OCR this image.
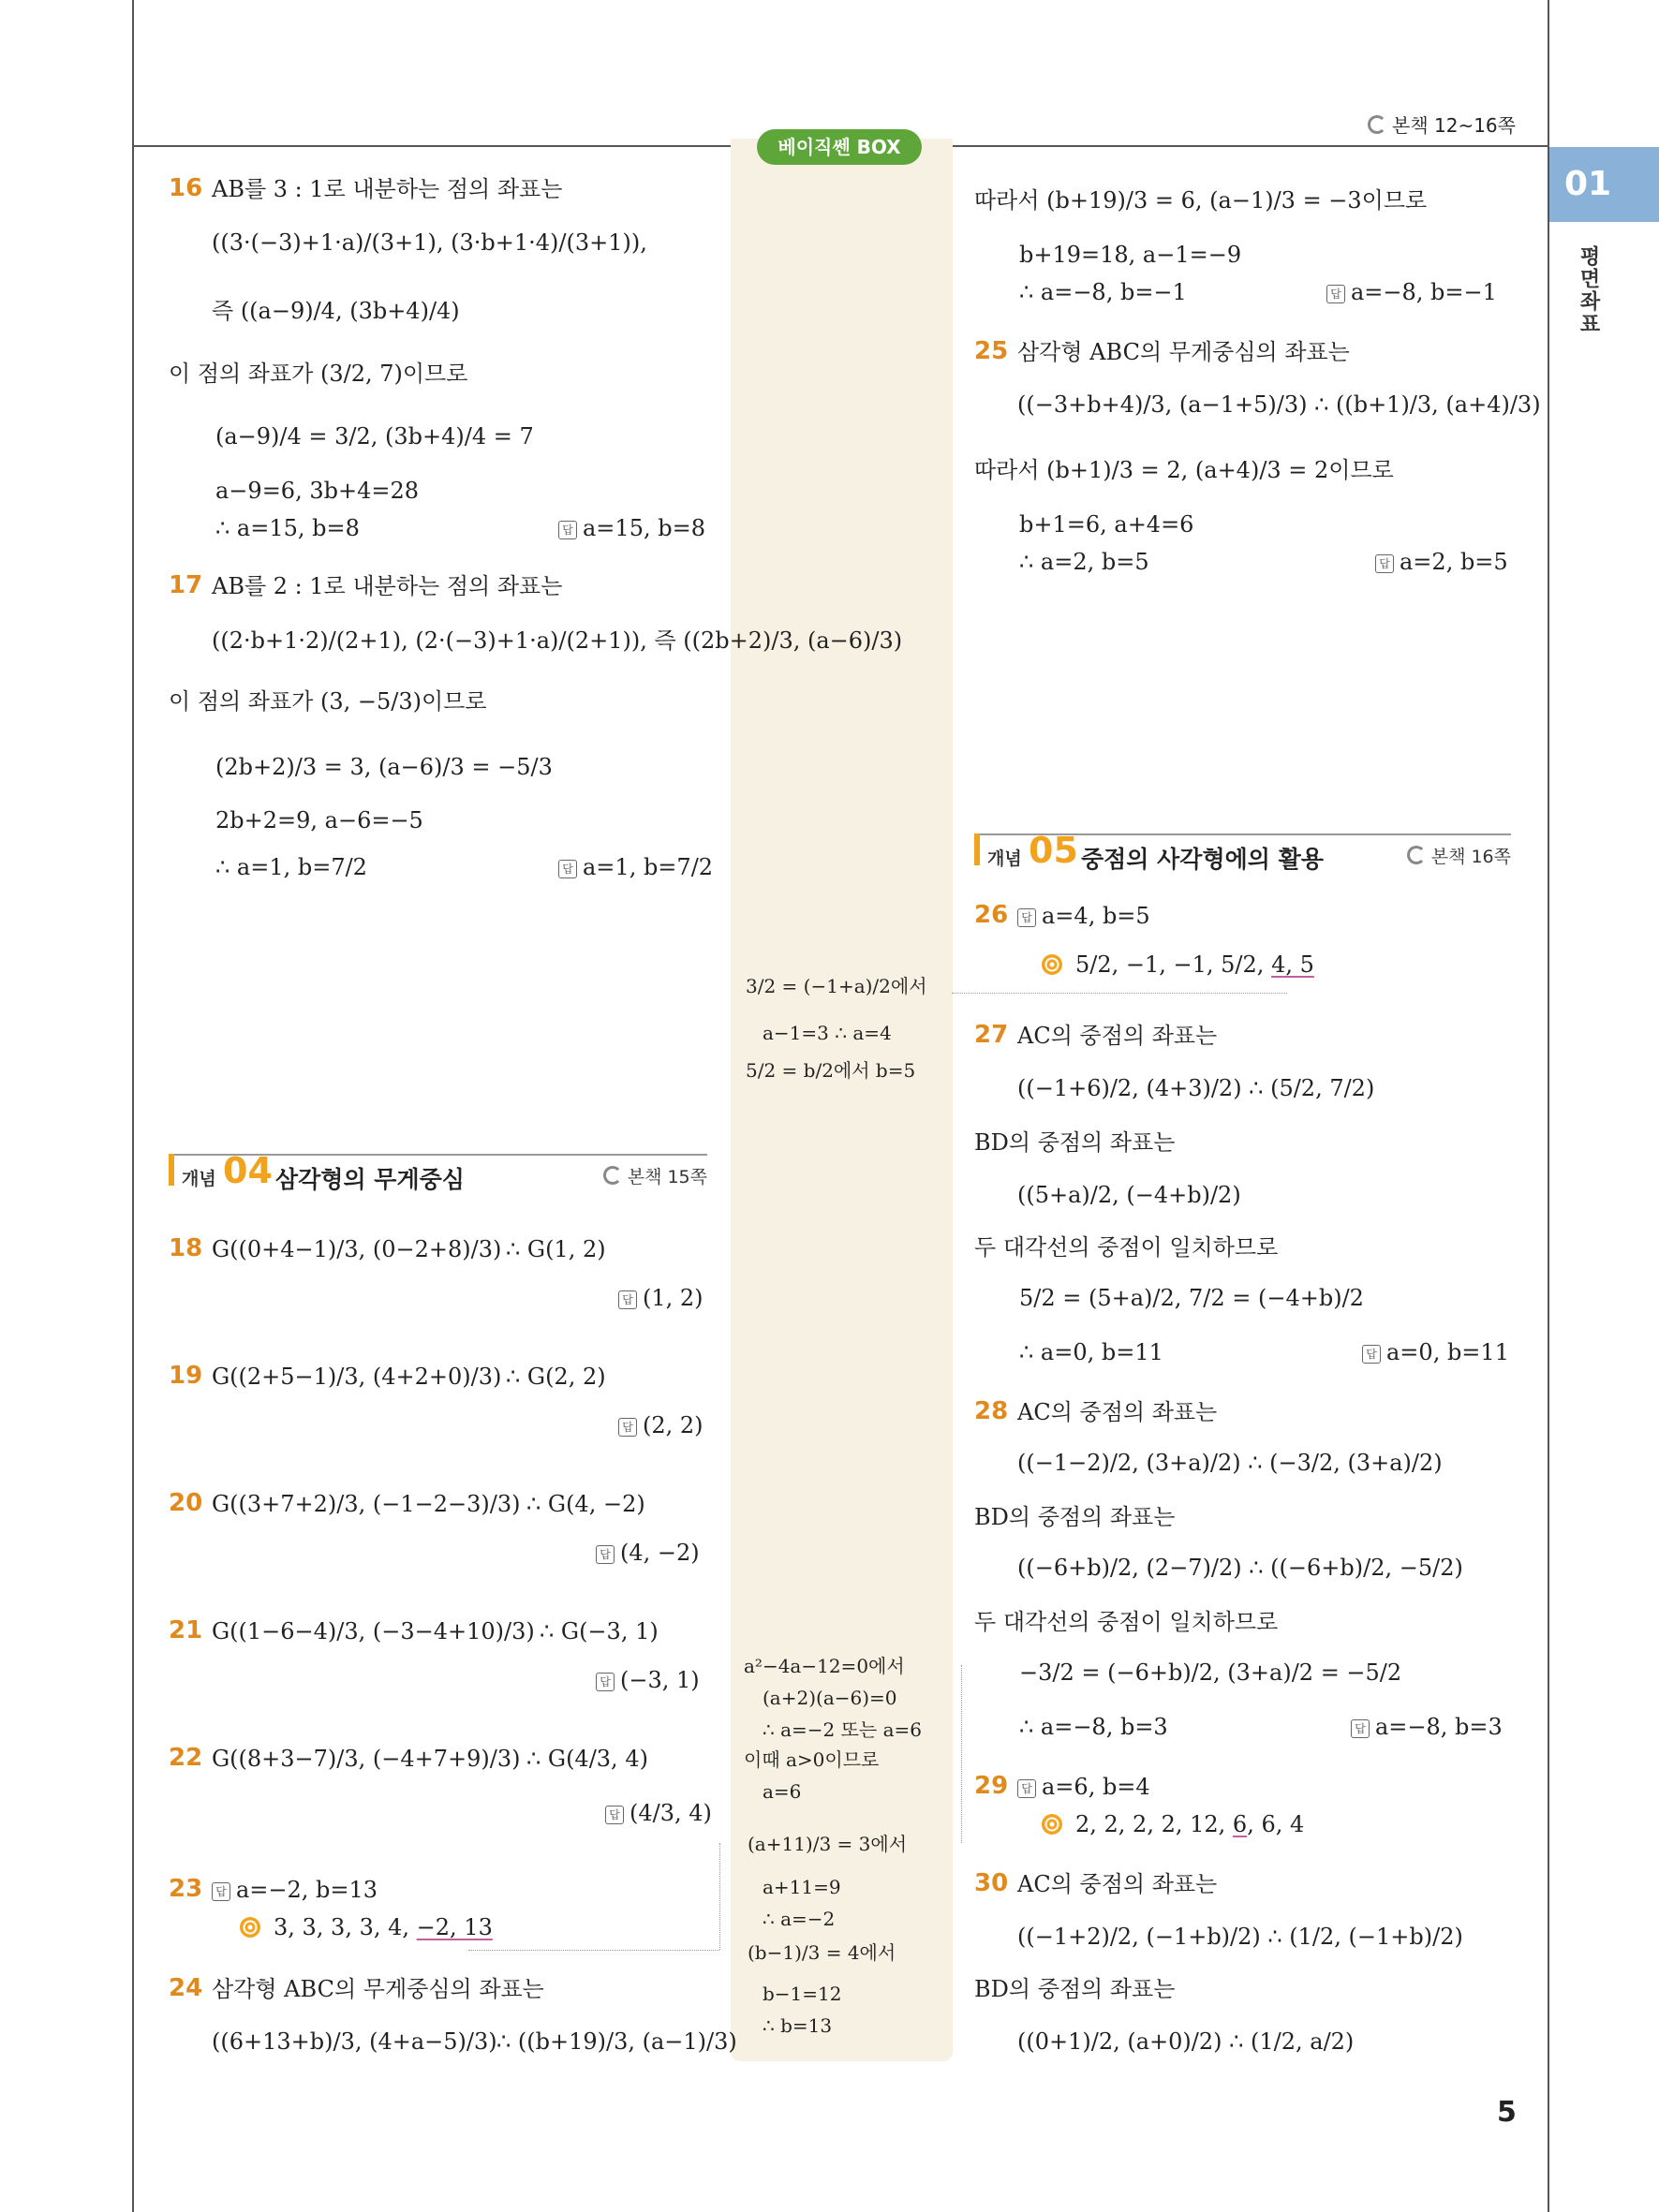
본책 12~16쪽
베이직쎈 BOX
01
평면좌표
16 AB를 3 : 1로 내분하는 점의 좌표는
((3·(−3)+1·a)/(3+1), (3·b+1·4)/(3+1)),
즉 ((a−9)/4, (3b+4)/4)
이 점의 좌표가 (3/2, 7)이므로
(a−9)/4 = 3/2, (3b+4)/4 = 7
a−9=6, 3b+4=28
∴ a=15, b=8	답 a=15, b=8
17 AB를 2 : 1로 내분하는 점의 좌표는
((2·b+1·2)/(2+1), (2·(−3)+1·a)/(2+1)), 즉 ((2b+2)/3, (a−6)/3)
이 점의 좌표가 (3, −5/3)이므로
(2b+2)/3 = 3, (a−6)/3 = −5/3
2b+2=9, a−6=−5
∴ a=1, b=7/2	답 a=1, b=7/2
개념 04 삼각형의 무게중심	본책 15쪽
18 G((0+4−1)/3, (0−2+8)/3) ∴ G(1, 2)
답 (1, 2)
19 G((2+5−1)/3, (4+2+0)/3) ∴ G(2, 2)
답 (2, 2)
20 G((3+7+2)/3, (−1−2−3)/3) ∴ G(4, −2)
답 (4, −2)
21 G((1−6−4)/3, (−3−4+10)/3) ∴ G(−3, 1)
답 (−3, 1)
22 G((8+3−7)/3, (−4+7+9)/3) ∴ G(4/3, 4)
답 (4/3, 4)
23	답 a=−2, b=13
3, 3, 3, 3, 4, −2, 13
24 삼각형 ABC의 무게중심의 좌표는
((6+13+b)/3, (4+a−5)/3) ∴ ((b+19)/3, (a−1)/3)
3/2 = (−1+a)/2에서
a−1=3 ∴ a=4
5/2 = b/2에서 b=5
a²−4a−12=0에서
(a+2)(a−6)=0
∴ a=−2 또는 a=6
이때 a>0이므로
a=6
(a+11)/3 = 3에서
a+11=9
∴ a=−2
(b−1)/3 = 4에서
b−1=12
∴ b=13
따라서 (b+19)/3 = 6, (a−1)/3 = −3이므로
b+19=18, a−1=−9
∴ a=−8, b=−1	답 a=−8, b=−1
25 삼각형 ABC의 무게중심의 좌표는
((−3+b+4)/3, (a−1+5)/3) ∴ ((b+1)/3, (a+4)/3)
따라서 (b+1)/3 = 2, (a+4)/3 = 2이므로
b+1=6, a+4=6
∴ a=2, b=5	답 a=2, b=5
개념 05 중점의 사각형에의 활용	본책 16쪽
26	답 a=4, b=5
5/2, −1, −1, 5/2, 4, 5
27 AC의 중점의 좌표는
((−1+6)/2, (4+3)/2) ∴ (5/2, 7/2)
BD의 중점의 좌표는
((5+a)/2, (−4+b)/2)
두 대각선의 중점이 일치하므로
5/2 = (5+a)/2, 7/2 = (−4+b)/2
∴ a=0, b=11	답 a=0, b=11
28 AC의 중점의 좌표는
((−1−2)/2, (3+a)/2) ∴ (−3/2, (3+a)/2)
BD의 중점의 좌표는
((−6+b)/2, (2−7)/2) ∴ ((−6+b)/2, −5/2)
두 대각선의 중점이 일치하므로
−3/2 = (−6+b)/2, (3+a)/2 = −5/2
∴ a=−8, b=3	답 a=−8, b=3
29	답 a=6, b=4
2, 2, 2, 2, 12, 6, 6, 4
30 AC의 중점의 좌표는
((−1+2)/2, (−1+b)/2) ∴ (1/2, (−1+b)/2)
BD의 중점의 좌표는
((0+1)/2, (a+0)/2) ∴ (1/2, a/2)
5
